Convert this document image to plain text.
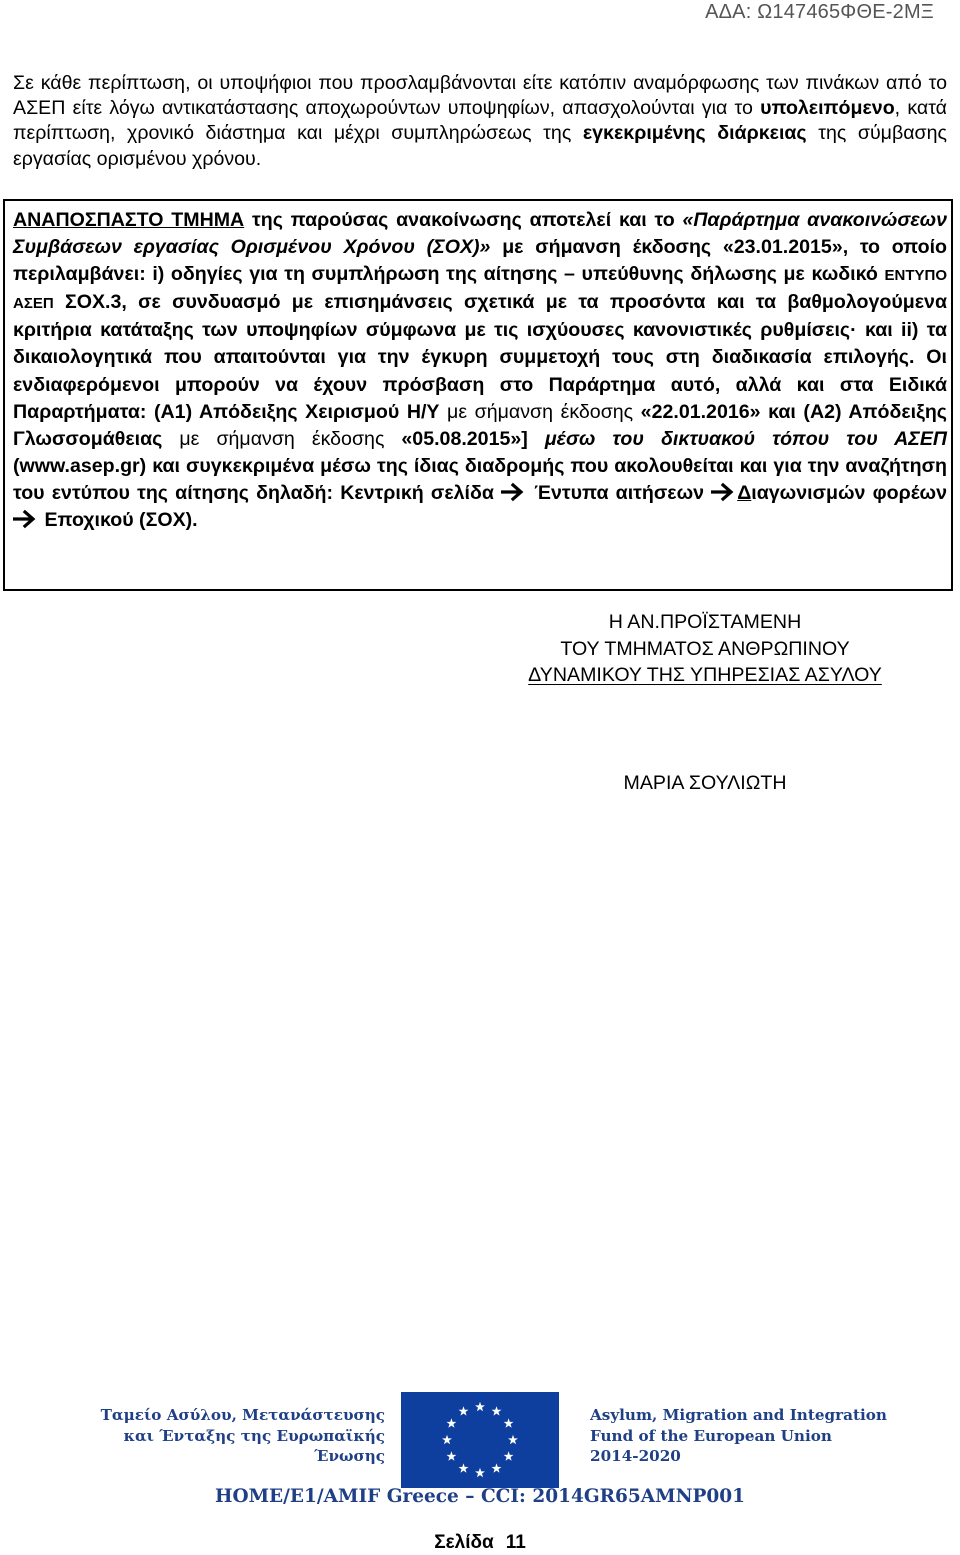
ΑΔΑ: Ω147465ΦΘΕ-2ΜΞ
Σε κάθε περίπτωση, οι υποψήφιοι που προσλαμβάνονται είτε κατόπιν αναμόρφωσης των πινάκων από το ΑΣΕΠ είτε λόγω αντικατάστασης αποχωρούντων υποψηφίων, απασχολούνται για το υπολειπόμενο, κατά περίπτωση, χρονικό διάστημα και μέχρι συμπληρώσεως της εγκεκριμένης διάρκειας της σύμβασης εργασίας ορισμένου χρόνου.
ΑΝΑΠΟΣΠΑΣΤΟ ΤΜΗΜΑ της παρούσας ανακοίνωσης αποτελεί και το «Παράρτημα ανακοινώσεων Συμβάσεων εργασίας Ορισμένου Χρόνου (ΣΟΧ)» με σήμανση έκδοσης «23.01.2015», το οποίο περιλαμβάνει: i) οδηγίες για τη συμπλήρωση της αίτησης – υπεύθυνης δήλωσης με κωδικό ΕΝΤΥΠΟ ΑΣΕΠ ΣΟΧ.3, σε συνδυασμό με επισημάνσεις σχετικά με τα προσόντα και τα βαθμολογούμενα κριτήρια κατάταξης των υποψηφίων σύμφωνα με τις ισχύουσες κανονιστικές ρυθμίσεις· και ii) τα δικαιολογητικά που απαιτούνται για την έγκυρη συμμετοχή τους στη διαδικασία επιλογής. Οι ενδιαφερόμενοι μπορούν να έχουν πρόσβαση στο Παράρτημα αυτό, αλλά και στα Ειδικά Παραρτήματα: (Α1) Απόδειξης Χειρισμού Η/Υ με σήμανση έκδοσης «22.01.2016» και (Α2) Απόδειξης Γλωσσομάθειας με σήμανση έκδοσης «05.08.2015»] μέσω του δικτυακού τόπου του ΑΣΕΠ (www.asep.gr) και συγκεκριμένα μέσω της ίδιας διαδρομής που ακολουθείται και για την αναζήτηση του εντύπου της αίτησης δηλαδή: Κεντρική σελίδα  Έντυπα αιτήσεων Διαγωνισμών φορέων  Εποχικού (ΣΟΧ).
Η ΑΝ.ΠΡΟΪΣΤΑΜΕΝΗ
ΤΟΥ ΤΜΗΜΑΤΟΣ ΑΝΘΡΩΠΙΝΟΥ
ΔΥΝΑΜΙΚΟΥ ΤΗΣ ΥΠΗΡΕΣΙΑΣ ΑΣΥΛΟΥ
ΜΑΡΙΑ ΣΟΥΛΙΩΤΗ
Ταμείο Ασύλου, Μετανάστευσης
και Ένταξης της Ευρωπαϊκής
Ένωσης
Asylum, Migration and Integration
Fund of the European Union
2014-2020
HOME/E1/AMIF Greece – CCI: 2014GR65AMNP001
Σελίδα 11
